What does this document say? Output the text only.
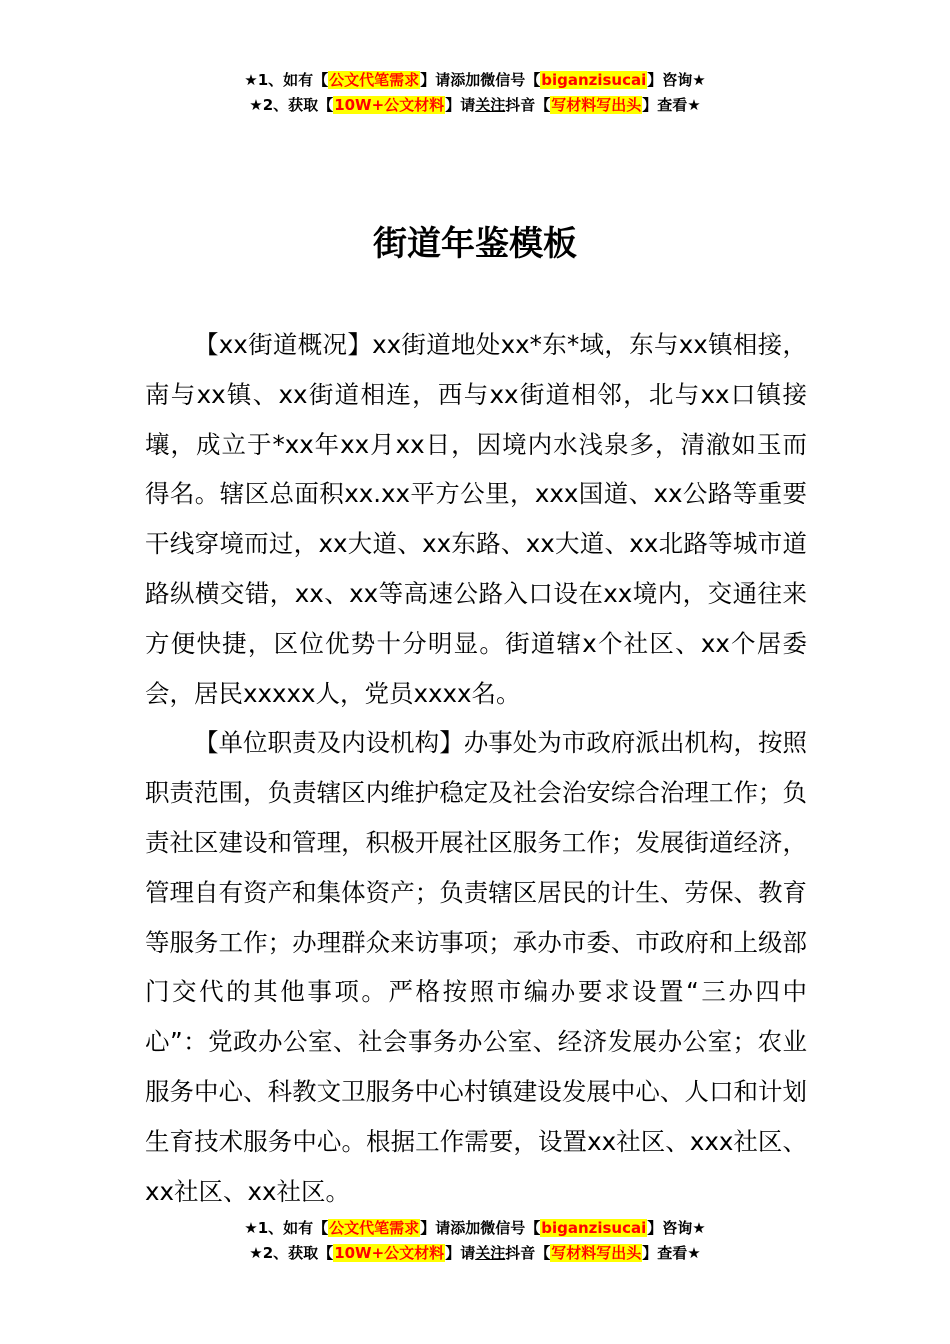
★1、如有【公文代笔需求】请添加微信号【biganzisucai】咨询★
★2、获取【10W+公文材料】请关注抖音【写材料写出头】查看★
街道年鉴模板

【xx街道概况】xx街道地处xx*东*域，东与xx镇相接，南与xx镇、xx街道相连，西与xx街道相邻，北与xx口镇接壤，成立于*xx年xx月xx日，因境内水浅泉多，清澈如玉而得名。辖区总面积xx.xx平方公里，xxx国道、xx公路等重要干线穿境而过，xx大道、xx东路、xx大道、xx北路等城市道路纵横交错，xx、xx等高速公路入口设在xx境内，交通往来方便快捷，区位优势十分明显。街道辖x个社区、xx个居委会，居民xxxxx人，党员xxxx名。

【单位职责及内设机构】办事处为市政府派出机构，按照职责范围，负责辖区内维护稳定及社会治安综合治理工作；负责社区建设和管理，积极开展社区服务工作；发展街道经济，管理自有资产和集体资产；负责辖区居民的计生、劳保、教育等服务工作；办理群众来访事项；承办市委、市政府和上级部门交代的其他事项。严格按照市编办要求设置“三办四中心”：党政办公室、社会事务办公室、经济发展办公室；农业服务中心、科教文卫服务中心村镇建设发展中心、人口和计划生育技术服务中心。根据工作需要，设置xx社区、xxx社区、xx社区、xx社区。

★1、如有【公文代笔需求】请添加微信号【biganzisucai】咨询★
★2、获取【10W+公文材料】请关注抖音【写材料写出头】查看★
